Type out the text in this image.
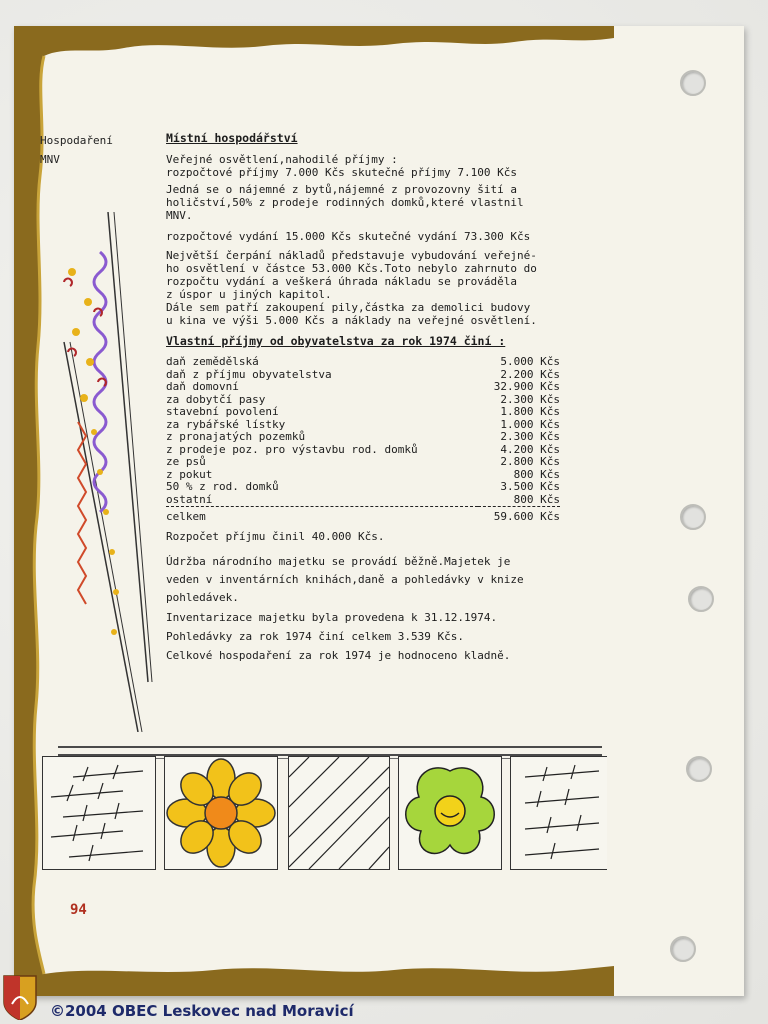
Hospodaření
MNV
Místní hospodářství

Veřejné osvětlení,nahodilé příjmy :
rozpočtové příjmy 7.000 Kčs skutečné příjmy 7.100 Kčs

Jedná se o nájemné z bytů,nájemné z provozovny šití a
holičství,50% z prodeje rodinných domků,které vlastnil
MNV.

rozpočtové vydání 15.000 Kčs skutečné vydání 73.300 Kčs

Největší čerpání nákladů představuje vybudování veřejné-
ho osvětlení v částce 53.000 Kčs.Toto nebylo zahrnuto do
rozpočtu vydání a veškerá úhrada nákladu se prováděla
z úspor u jiných kapitol.
Dále sem patří zakoupení pily,částka za demolici budovy
u kina ve výši 5.000 Kčs a náklady na veřejné osvětlení.

Vlastní příjmy od obyvatelstva za rok 1974 činí :
daň zemědělská	5.000 Kčs
daň z příjmu obyvatelstva	2.200 Kčs
daň domovní	32.900 Kčs
za dobytčí pasy	2.300 Kčs
stavební povolení	1.800 Kčs
za rybářské lístky	1.000 Kčs
z pronajatých pozemků	2.300 Kčs
z prodeje poz. pro výstavbu rod. domků	4.200 Kčs
ze psů	2.800 Kčs
z pokut	800 Kčs
50 % z rod. domků	3.500 Kčs
ostatní	800 Kčs
celkem	59.600 Kčs

Rozpočet příjmu činil 40.000 Kčs.

Údržba národního majetku se provádí běžně.Majetek je
veden v inventárních knihách,daně a pohledávky v knize
pohledávek.

Inventarizace majetku byla provedena k 31.12.1974.

Pohledávky za rok 1974 činí celkem 3.539 Kčs.

Celkové hospodaření za rok 1974 je hodnoceno kladně.

94
©2004 OBEC Leskovec nad Moravicí
